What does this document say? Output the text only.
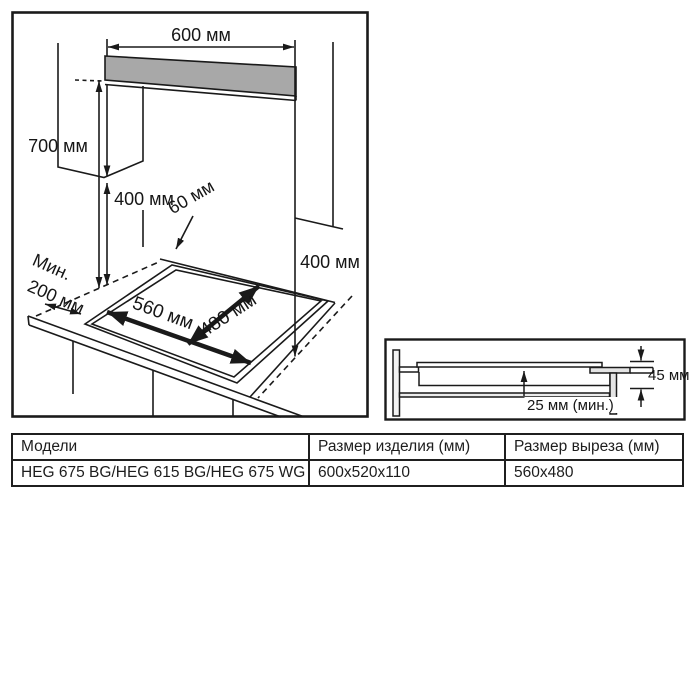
600 мм
700 мм
400 мм
60 мм
400 мм
Мин.
200 мм 560 мм 480 мм
45 мм
25 мм (мин.)
Модели	Размер изделия (мм)	Размер выреза (мм)
HEG 675 BG/HEG 615 BG/HEG 675 WG	600x520x110	560x480
